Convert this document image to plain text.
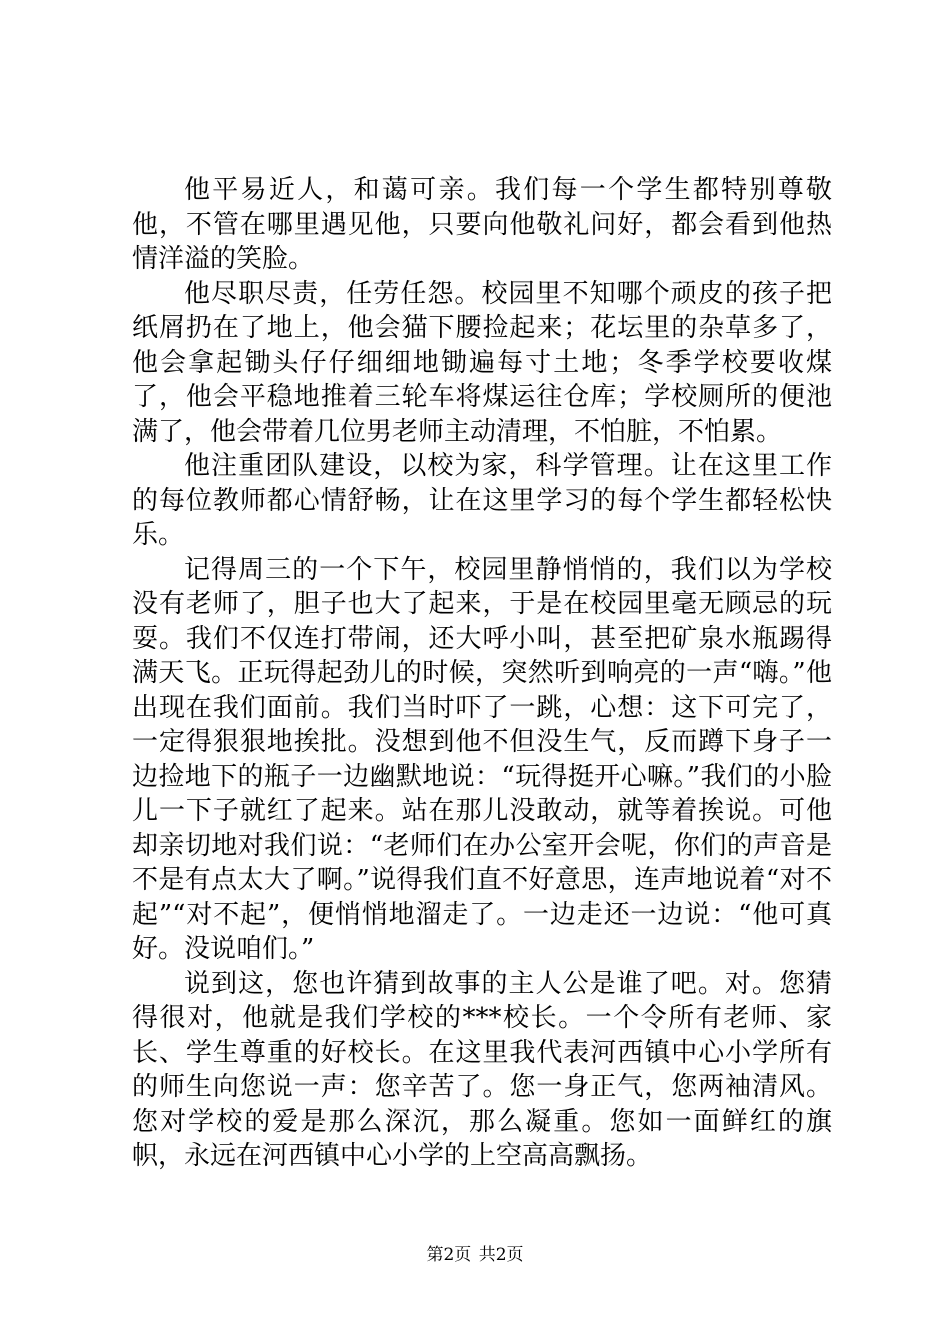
他平易近人，和蔼可亲。我们每一个学生都特别尊敬他，不管在哪里遇见他，只要向他敬礼问好，都会看到他热情洋溢的笑脸。

他尽职尽责，任劳任怨。校园里不知哪个顽皮的孩子把纸屑扔在了地上，他会猫下腰捡起来；花坛里的杂草多了，他会拿起锄头仔仔细细地锄遍每寸土地；冬季学校要收煤了，他会平稳地推着三轮车将煤运往仓库；学校厕所的便池满了，他会带着几位男老师主动清理，不怕脏，不怕累。

他注重团队建设，以校为家，科学管理。让在这里工作的每位教师都心情舒畅，让在这里学习的每个学生都轻松快乐。

记得周三的一个下午，校园里静悄悄的，我们以为学校没有老师了，胆子也大了起来，于是在校园里毫无顾忌的玩耍。我们不仅连打带闹，还大呼小叫，甚至把矿泉水瓶踢得满天飞。正玩得起劲儿的时候，突然听到响亮的一声“嗨。”他出现在我们面前。我们当时吓了一跳，心想：这下可完了，一定得狠狠地挨批。没想到他不但没生气，反而蹲下身子一边捡地下的瓶子一边幽默地说：“玩得挺开心嘛。”我们的小脸儿一下子就红了起来。站在那儿没敢动，就等着挨说。可他却亲切地对我们说：“老师们在办公室开会呢，你们的声音是不是有点太大了啊。”说得我们直不好意思，连声地说着“对不起”“对不起”，便悄悄地溜走了。一边走还一边说：“他可真好。没说咱们。”

说到这，您也许猜到故事的主人公是谁了吧。对。您猜得很对，他就是我们学校的***校长。一个令所有老师、家长、学生尊重的好校长。在这里我代表河西镇中心小学所有的师生向您说一声：您辛苦了。您一身正气，您两袖清风。您对学校的爱是那么深沉，那么凝重。您如一面鲜红的旗帜，永远在河西镇中心小学的上空高高飘扬。

第2页 共2页
